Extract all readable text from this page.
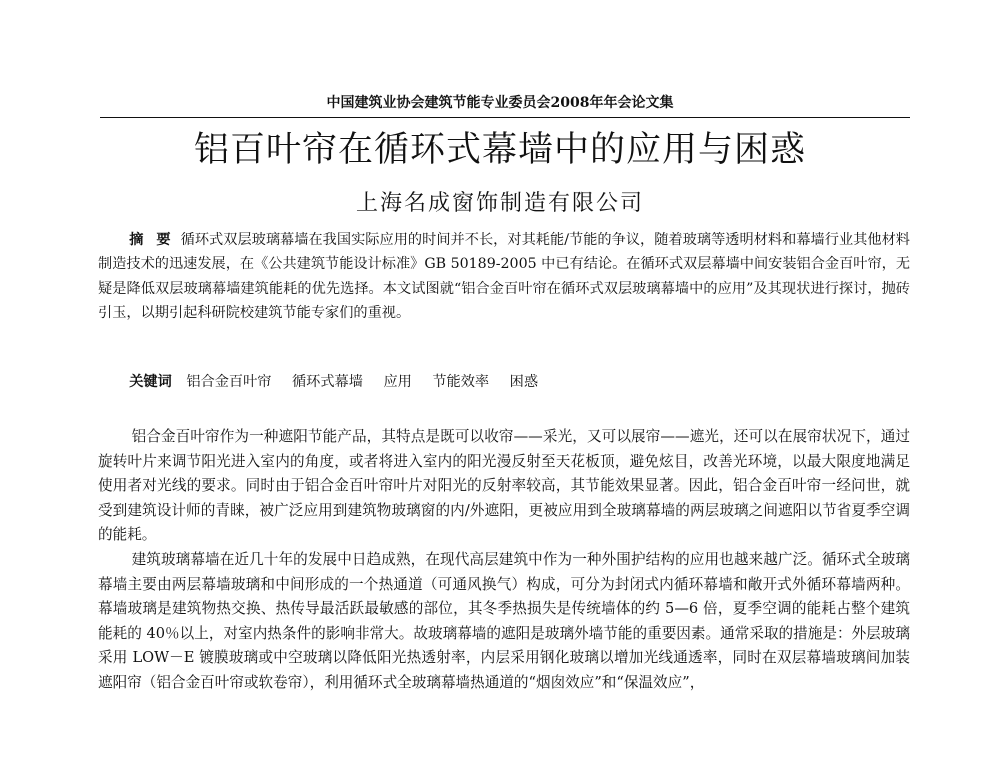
中国建筑业协会建筑节能专业委员会2008年年会论文集
铝百叶帘在循环式幕墙中的应用与困惑
上海名成窗饰制造有限公司
摘 要 循环式双层玻璃幕墙在我国实际应用的时间并不长，对其耗能/节能的争议，随着玻璃等透明材料和幕墙行业其他材料制造技术的迅速发展，在《公共建筑节能设计标准》GB 50189-2005 中已有结论。在循环式双层幕墙中间安装铝合金百叶帘，无疑是降低双层玻璃幕墙建筑能耗的优先选择。本文试图就“铝合金百叶帘在循环式双层玻璃幕墙中的应用”及其现状进行探讨，抛砖引玉，以期引起科研院校建筑节能专家们的重视。
关键词 铝合金百叶帘 循环式幕墙 应用 节能效率 困惑

铝合金百叶帘作为一种遮阳节能产品，其特点是既可以收帘——采光，又可以展帘——遮光，还可以在展帘状况下，通过旋转叶片来调节阳光进入室内的角度，或者将进入室内的阳光漫反射至天花板顶，避免炫目，改善光环境，以最大限度地满足使用者对光线的要求。同时由于铝合金百叶帘叶片对阳光的反射率较高，其节能效果显著。因此，铝合金百叶帘一经问世，就受到建筑设计师的青睐，被广泛应用到建筑物玻璃窗的内/外遮阳，更被应用到全玻璃幕墙的两层玻璃之间遮阳以节省夏季空调的能耗。

建筑玻璃幕墙在近几十年的发展中日趋成熟，在现代高层建筑中作为一种外围护结构的应用也越来越广泛。循环式全玻璃幕墙主要由两层幕墙玻璃和中间形成的一个热通道（可通风换气）构成，可分为封闭式内循环幕墙和敞开式外循环幕墙两种。幕墙玻璃是建筑物热交换、热传导最活跃最敏感的部位，其冬季热损失是传统墙体的约 5—6 倍，夏季空调的能耗占整个建筑能耗的 40％以上，对室内热条件的影响非常大。故玻璃幕墙的遮阳是玻璃外墙节能的重要因素。通常采取的措施是：外层玻璃采用 LOW－E 镀膜玻璃或中空玻璃以降低阳光热透射率，内层采用钢化玻璃以增加光线通透率，同时在双层幕墙玻璃间加装遮阳帘（铝合金百叶帘或软卷帘），利用循环式全玻璃幕墙热通道的“烟囱效应”和“保温效应”，
